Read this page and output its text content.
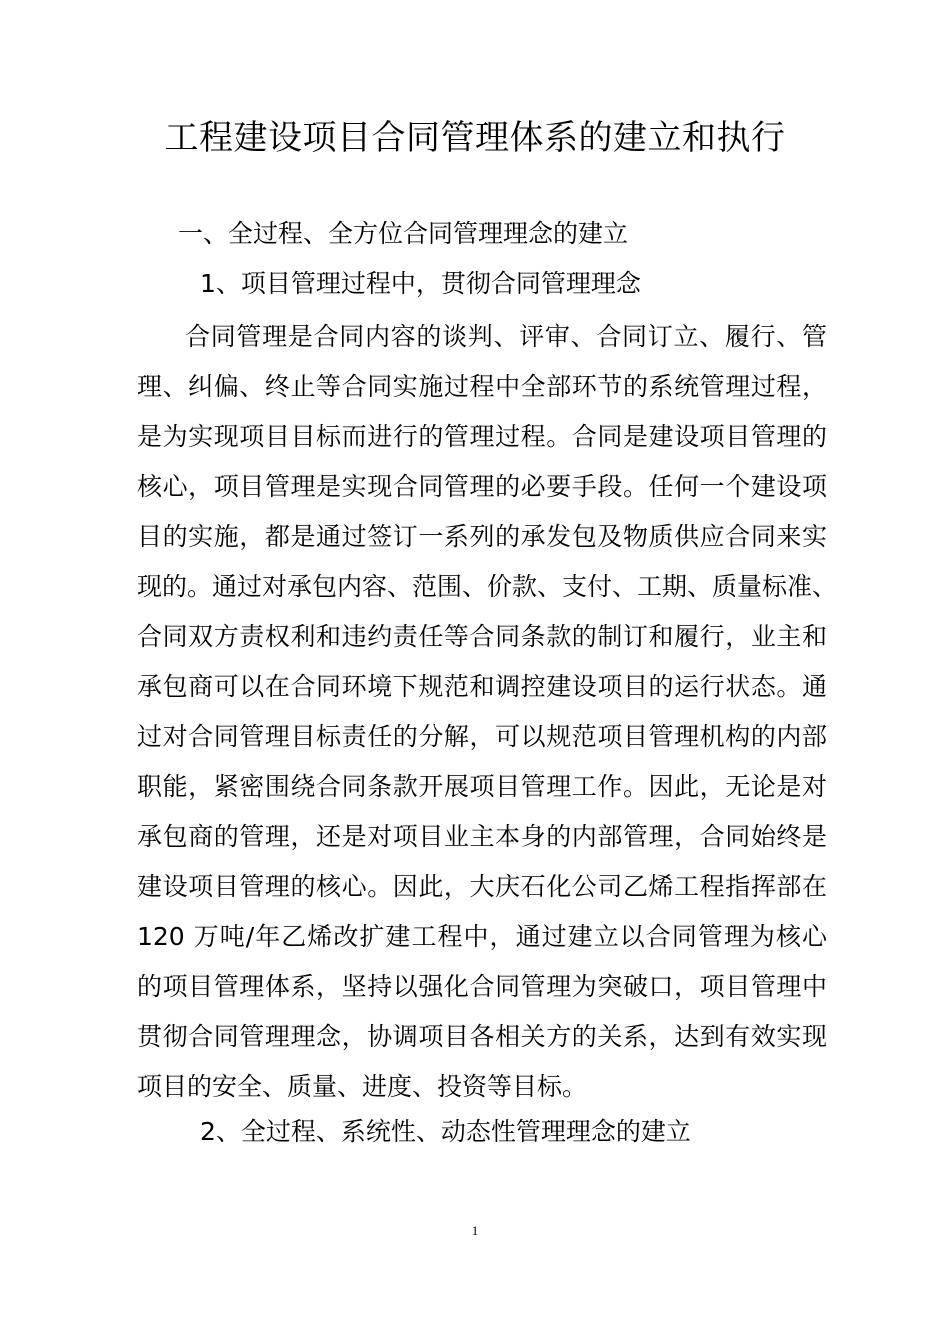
工程建设项目合同管理体系的建立和执行
一、全过程、全方位合同管理理念的建立
1、项目管理过程中，贯彻合同管理理念
合同管理是合同内容的谈判、评审、合同订立、履行、管
理、纠偏、终止等合同实施过程中全部环节的系统管理过程，
是为实现项目目标而进行的管理过程。合同是建设项目管理的
核心，项目管理是实现合同管理的必要手段。任何一个建设项
目的实施，都是通过签订一系列的承发包及物质供应合同来实
现的。通过对承包内容、范围、价款、支付、工期、质量标准、
合同双方责权利和违约责任等合同条款的制订和履行，业主和
承包商可以在合同环境下规范和调控建设项目的运行状态。通
过对合同管理目标责任的分解，可以规范项目管理机构的内部
职能，紧密围绕合同条款开展项目管理工作。因此，无论是对
承包商的管理，还是对项目业主本身的内部管理，合同始终是
建设项目管理的核心。因此，大庆石化公司乙烯工程指挥部在
120 万吨/年乙烯改扩建工程中，通过建立以合同管理为核心
的项目管理体系，坚持以强化合同管理为突破口，项目管理中
贯彻合同管理理念，协调项目各相关方的关系，达到有效实现
项目的安全、质量、进度、投资等目标。
2、全过程、系统性、动态性管理理念的建立
1
